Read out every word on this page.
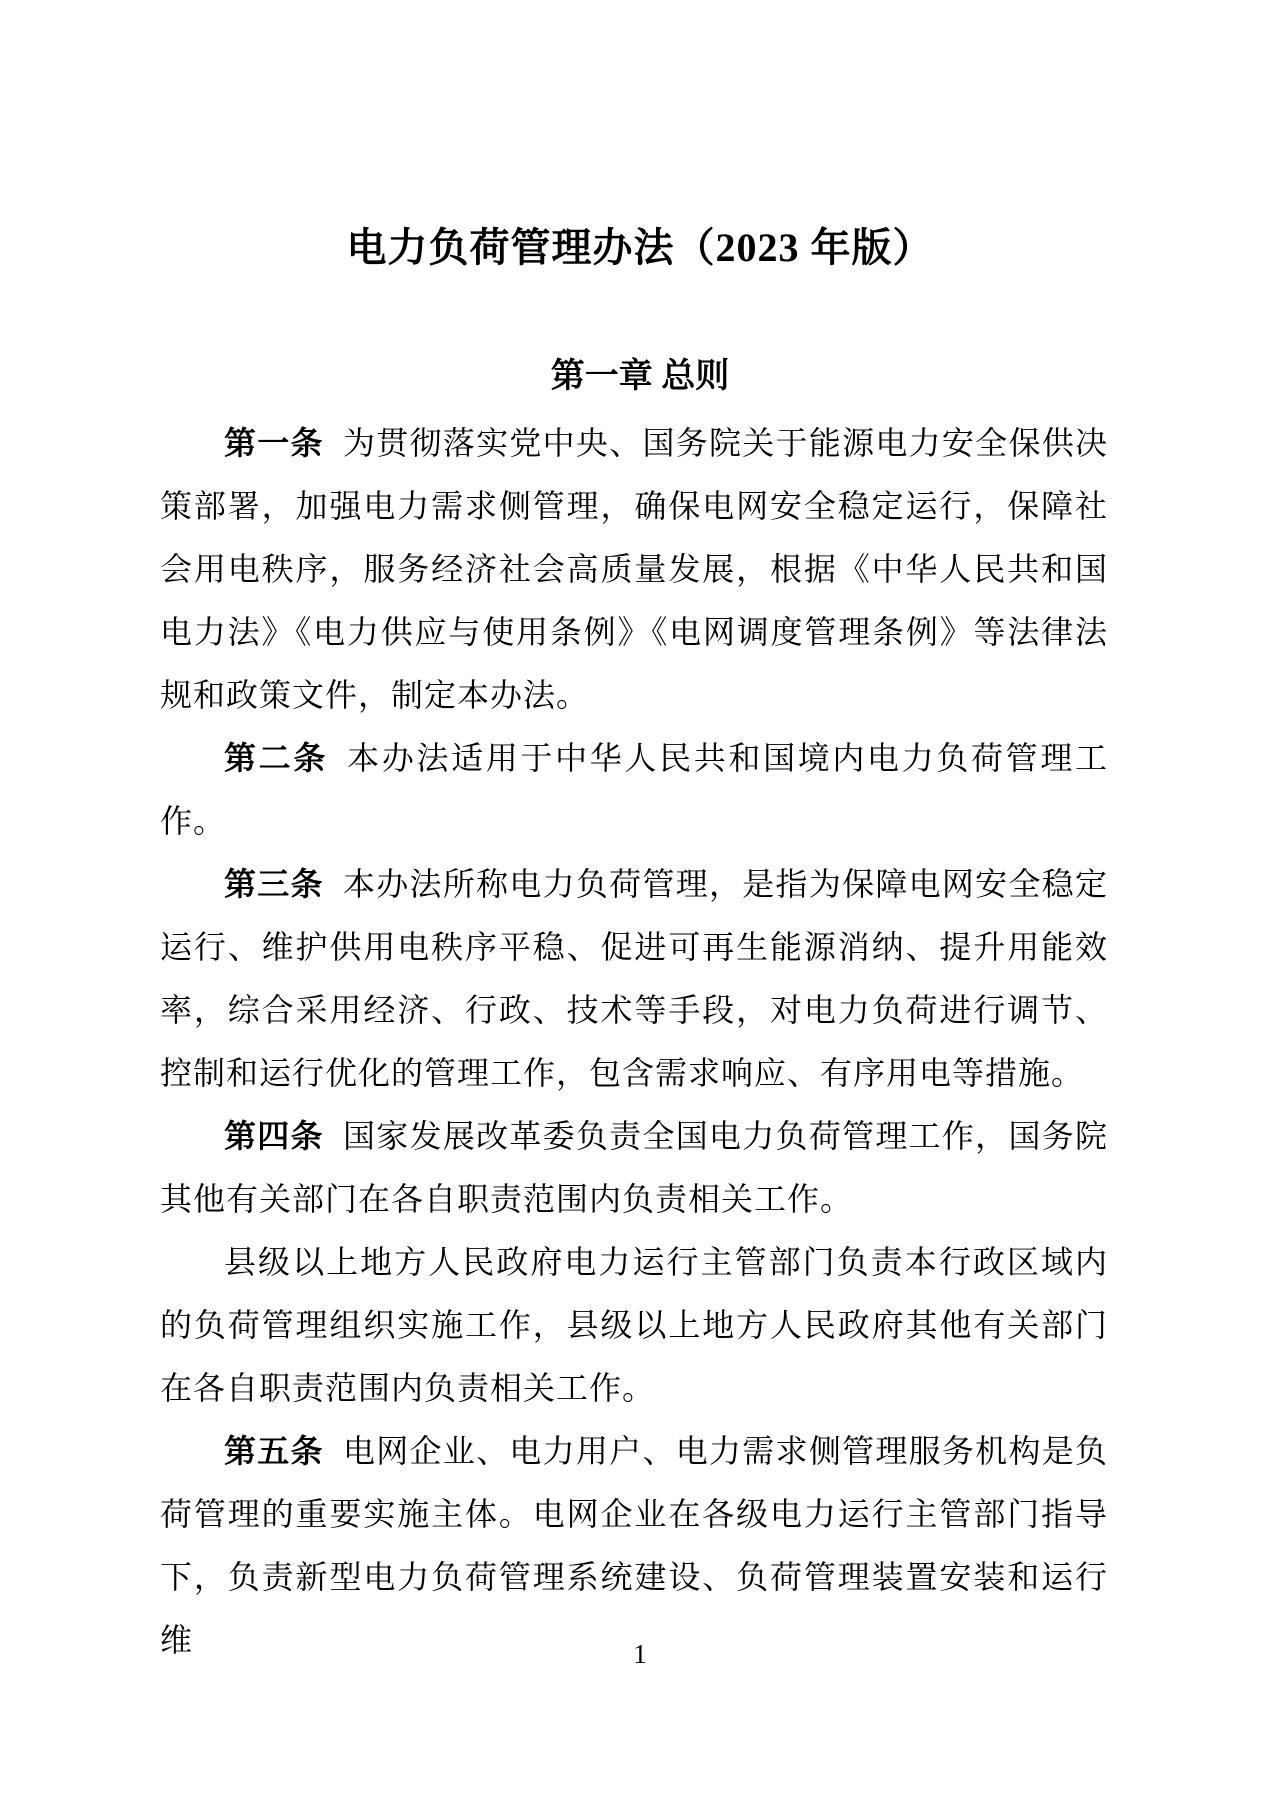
电力负荷管理办法（2023 年版）
第一章 总则

第一条 为贯彻落实党中央、国务院关于能源电力安全保供决策部署，加强电力需求侧管理，确保电网安全稳定运行，保障社会用电秩序，服务经济社会高质量发展，根据《中华人民共和国电力法》《电力供应与使用条例》《电网调度管理条例》等法律法规和政策文件，制定本办法。

第二条 本办法适用于中华人民共和国境内电力负荷管理工作。

第三条 本办法所称电力负荷管理，是指为保障电网安全稳定运行、维护供用电秩序平稳、促进可再生能源消纳、提升用能效率，综合采用经济、行政、技术等手段，对电力负荷进行调节、控制和运行优化的管理工作，包含需求响应、有序用电等措施。

第四条 国家发展改革委负责全国电力负荷管理工作，国务院其他有关部门在各自职责范围内负责相关工作。

县级以上地方人民政府电力运行主管部门负责本行政区域内的负荷管理组织实施工作，县级以上地方人民政府其他有关部门在各自职责范围内负责相关工作。

第五条 电网企业、电力用户、电力需求侧管理服务机构是负荷管理的重要实施主体。电网企业在各级电力运行主管部门指导下，负责新型电力负荷管理系统建设、负荷管理装置安装和运行维	1
